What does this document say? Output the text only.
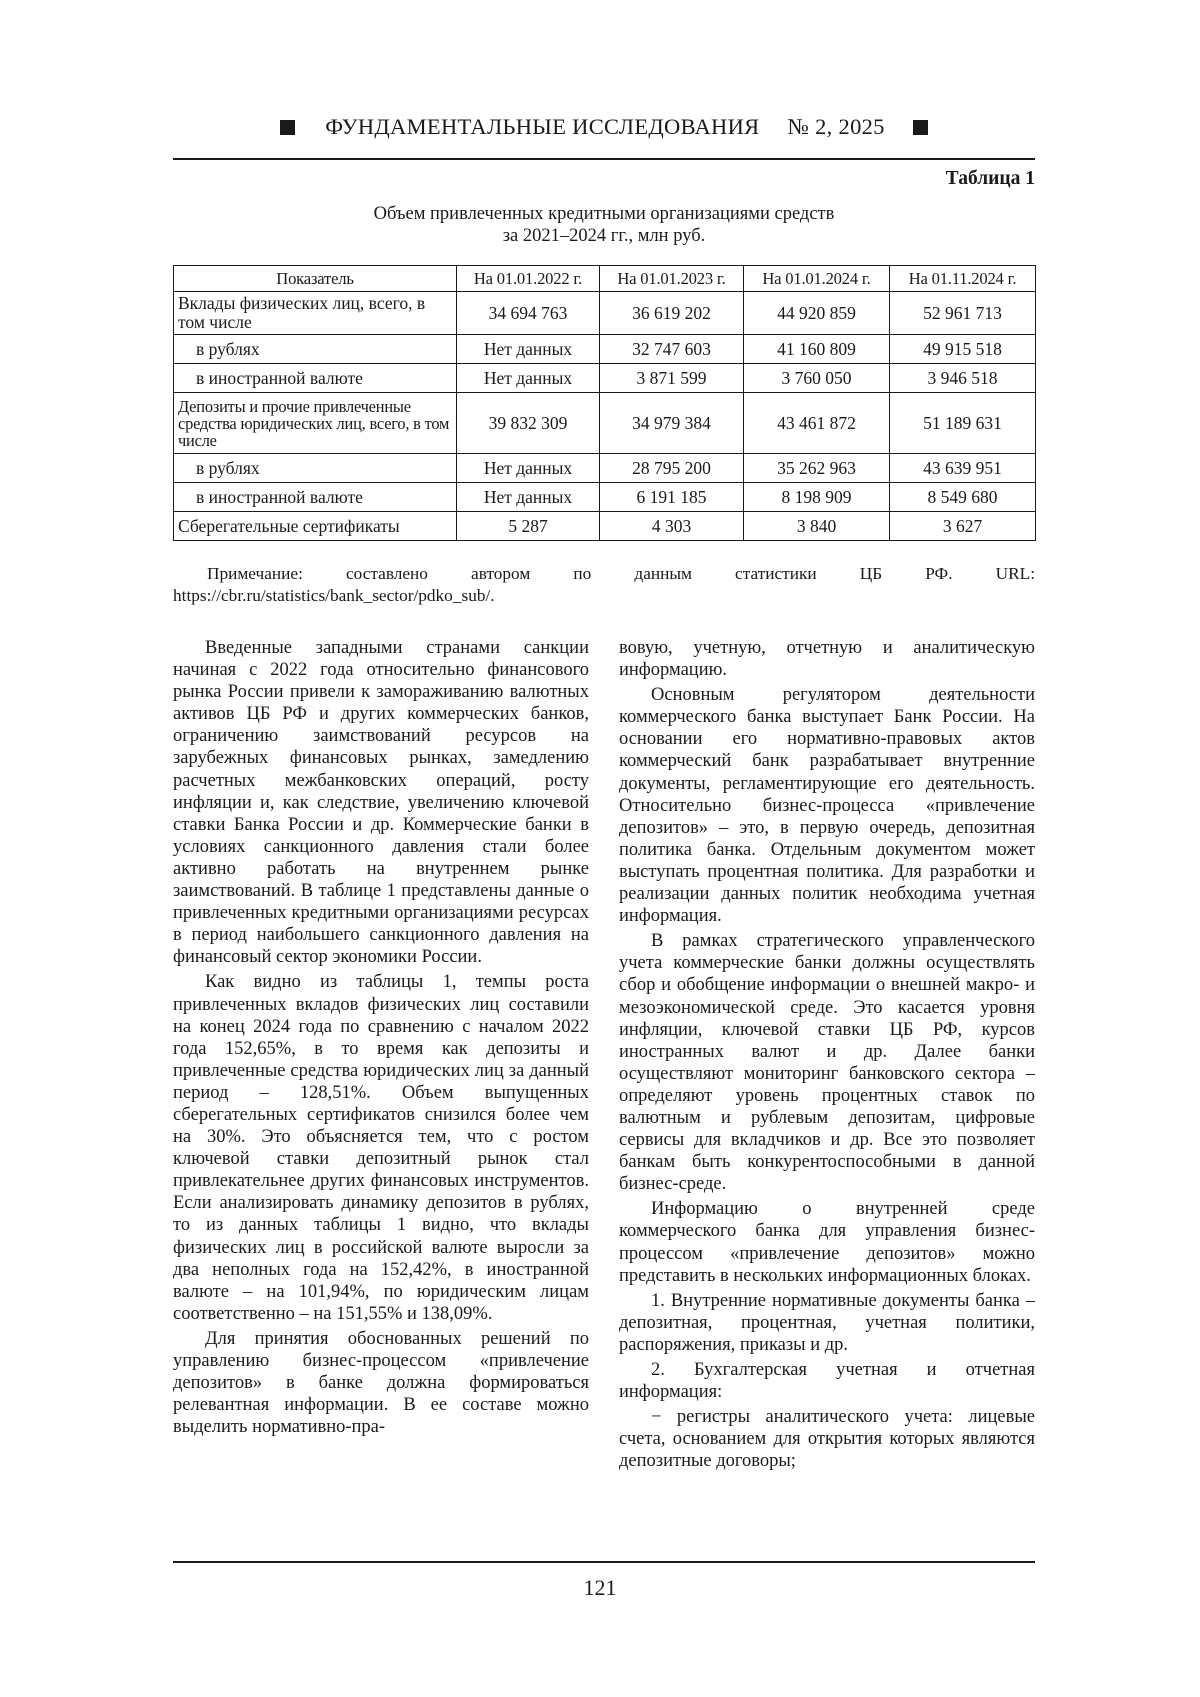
ФУНДАМЕНТАЛЬНЫЕ ИССЛЕДОВАНИЯ № 2, 2025
Таблица 1
Объем привлеченных кредитными организациями средств
за 2021–2024 гг., млн руб.
Показатель	На 01.01.2022 г.	На 01.01.2023 г.	На 01.01.2024 г.	На 01.11.2024 г.
Вклады физических лиц, всего, в том числе	34 694 763	36 619 202	44 920 859	52 961 713
в рублях	Нет данных	32 747 603	41 160 809	49 915 518
в иностранной валюте	Нет данных	3 871 599	3 760 050	3 946 518
Депозиты и прочие привлеченные средства юридических лиц, всего, в том числе	39 832 309	34 979 384	43 461 872	51 189 631
в рублях	Нет данных	28 795 200	35 262 963	43 639 951
в иностранной валюте	Нет данных	6 191 185	8 198 909	8 549 680
Сберегательные сертификаты	5 287	4 303	3 840	3 627
Примечание: составлено автором по данным статистики ЦБ РФ. URL: https://cbr.ru/statistics/bank_sector/pdko_sub/.

Введенные западными странами санкции начиная с 2022 года относительно финансового рынка России привели к замораживанию валютных активов ЦБ РФ и других коммерческих банков, ограничению заимствований ресурсов на зарубежных финансовых рынках, замедлению расчетных межбанковских операций, росту инфляции и, как следствие, увеличению ключевой ставки Банка России и др. Коммерческие банки в условиях санкционного давления стали более активно работать на внутреннем рынке заимствований. В таблице 1 представлены данные о привлеченных кредитными организациями ресурсах в период наибольшего санкционного давления на финансовый сектор экономики России.

Как видно из таблицы 1, темпы роста привлеченных вкладов физических лиц составили на конец 2024 года по сравнению с началом 2022 года 152,65%, в то время как депозиты и привлеченные средства юридических лиц за данный период – 128,51%. Объем выпущенных сберегательных сертификатов снизился более чем на 30%. Это объясняется тем, что с ростом ключевой ставки депозитный рынок стал привлекательнее других финансовых инструментов. Если анализировать динамику депозитов в рублях, то из данных таблицы 1 видно, что вклады физических лиц в российской валюте выросли за два неполных года на 152,42%, в иностранной валюте – на 101,94%, по юридическим лицам соответственно – на 151,55% и 138,09%.

Для принятия обоснованных решений по управлению бизнес-процессом «привлечение депозитов» в банке должна формироваться релевантная информации. В ее составе можно выделить нормативно-пра-

вовую, учетную, отчетную и аналитическую информацию.

Основным регулятором деятельности коммерческого банка выступает Банк России. На основании его нормативно-правовых актов коммерческий банк разрабатывает внутренние документы, регламентирующие его деятельность. Относительно бизнес-процесса «привлечение депозитов» – это, в первую очередь, депозитная политика банка. Отдельным документом может выступать процентная политика. Для разработки и реализации данных политик необходима учетная информация.

В рамках стратегического управленческого учета коммерческие банки должны осуществлять сбор и обобщение информации о внешней макро- и мезоэкономической среде. Это касается уровня инфляции, ключевой ставки ЦБ РФ, курсов иностранных валют и др. Далее банки осуществляют мониторинг банковского сектора – определяют уровень процентных ставок по валютным и рублевым депозитам, цифровые сервисы для вкладчиков и др. Все это позволяет банкам быть конкурентоспособными в данной бизнес-среде.

Информацию о внутренней среде коммерческого банка для управления бизнес-процессом «привлечение депозитов» можно представить в нескольких информационных блоках.

1. Внутренние нормативные документы банка – депозитная, процентная, учетная политики, распоряжения, приказы и др.

2. Бухгалтерская учетная и отчетная информация:

− регистры аналитического учета: лицевые счета, основанием для открытия которых являются депозитные договоры;

121
